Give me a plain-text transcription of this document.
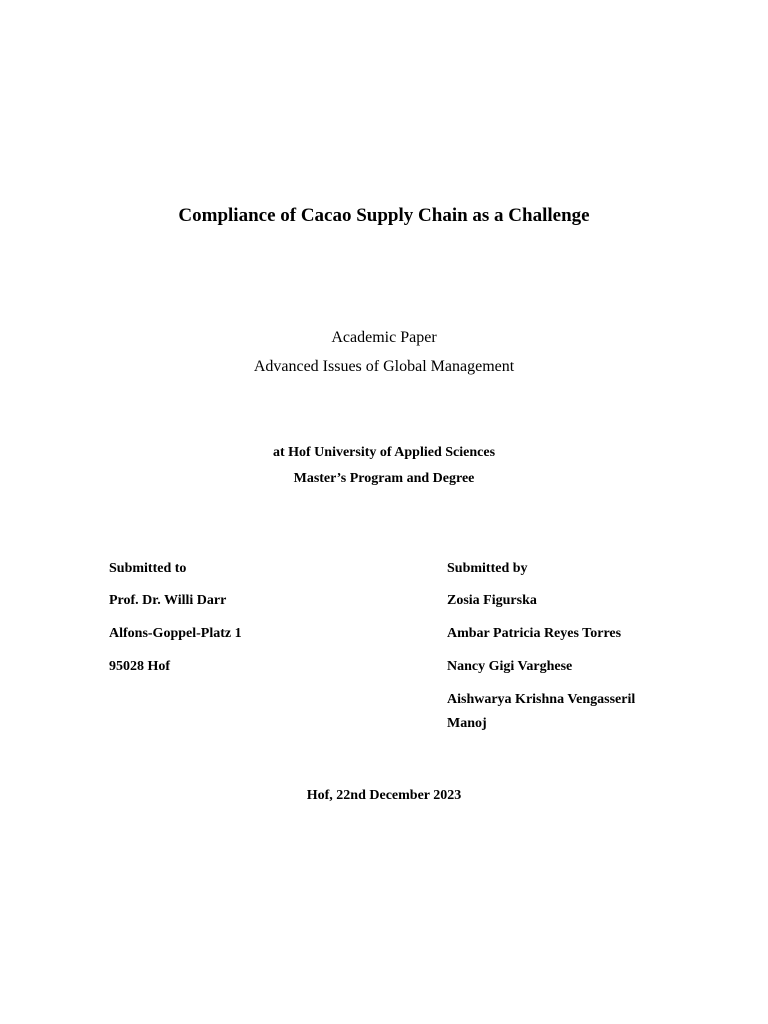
Compliance of Cacao Supply Chain as a Challenge
Academic Paper
Advanced Issues of Global Management
at Hof University of Applied Sciences
Master’s Program and Degree
Submitted to
Prof. Dr. Willi Darr
Alfons-Goppel-Platz 1
95028 Hof
Submitted by
Zosia Figurska
Ambar Patricia Reyes Torres
Nancy Gigi Varghese
Aishwarya Krishna Vengasseril
Manoj
Hof, 22nd December 2023
